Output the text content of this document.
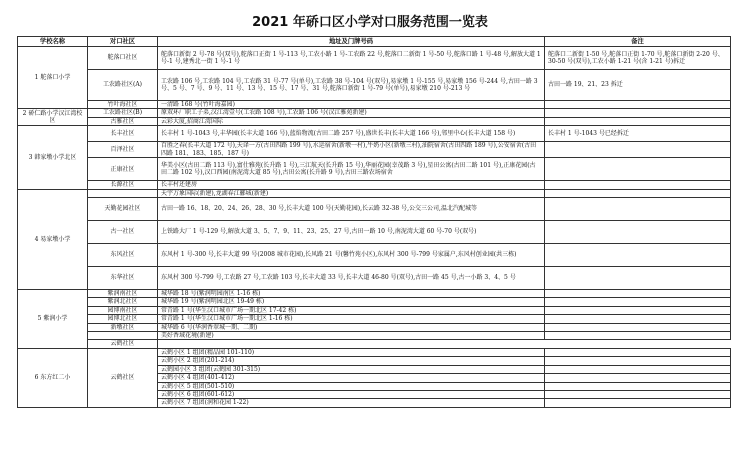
2021 年硚口区小学对口服务范围一览表
学校名称	对口社区	地址及门牌号码	备注
1 舵落口小学	舵落口社区	舵落口新街 2 号-78 号(双号),舵落口正街 1 号-113 号,工农小路 1 号-工农路 22 号,舵落口二新街 1 号-50 号,舵落口路 1 号-48 号,解放大道 1 号-1 号,建秀北一街 1 号-1 号	舵落口二新街 1-50 号,舵落口正街 1-70 号,舵落口新街 2-20 号、30-50 号(双号),工农小路 1-21 号(含 1-21 号)拆迁
	工农路社区(A)	工农路 106 号,工农路 104 号,工农路 31 号-77 号(单号),工农路 38 号-104 号(双号),易家墩 1 号-155 号,易家墩 156 号-244 号,古田一路 3 号、5 号、7 号、9 号、11 号、13 号、15 号、17 号、31 号,舵落口新街 1 号-79 号(单号),易家墩 210 号-213 号	古田一路 19、21、23 拆迁
	竹叶海社区	一清路 168 号(竹叶海嘉园)	
2 硚仁路小学汉江湾校区	工农路社区(B)	原双环厂职工子弟,汉江湾壹号(工农路 108 号),工农路 106 号(汉江雅苑新建)	
	古雅社区	云彩大厦,招商江湾国际	
3 韩家墩小学北区	长丰社区	长丰村 1 号-1043 号,丰华园(长丰大道 166 号),蓝焰物流(古田二路 257 号),盛世长丰(长丰大道 166 号),邻里中心(长丰大道 158 号)	长丰村 1 号-1043 号已经拆迁
	百泽社区	百胜之春(长丰大道 172 号),天译一方(古田四路 199 号),水运宿舍(新墩一村),牛奶小区(新墩三村),油院宿舍(古田四路 189 号),公安宿舍(古田四路 181、183、185、187 号)	
	正康社区	华美小区(古田二路 113 号),富仕雅苑(长升路 1 号),三江航天(长升路 15 号),华丽花园(幸茂路 3 号),星田公寓(古田二路 101 号),正康花园(古田二路 102 号),汉口西园(南泥湾大道 85 号),古田公寓(长升路 9 号),古田三路农场宿舍	
	长源社区	长丰村还建房	
4 易家墩小学		天宇万象国际(新建),龙湖春江郦城(新建)	
	天勤花园社区	古田一路 16、18、20、24、26、28、30 号,长丰大道 100 号(天勤花园),长云路 32-38 号,公交三公司,温北汽配城等	
	古一社区	上铁路大厂 1 号-129 号,解放大道 3、5、7、9、11、23、25、27 号,古田一路 10 号,南泥湾大道 60 号-70 号(双号)	
	东风社区	东风村 1 号-300 号,长丰大道 99 号(2008 城市花园),长风路 21 号(馨竹苑小区),东风村 300 号-799 号家属户,东风村创业园(共三栋)	
	东华社区	东风村 300 号-799 号,工农路 27 号,工农路 103 号,长丰大道 33 号,长丰大道 46-80 号(双号),古田一路 45 号,古一小路 3、4、5 号	
5 紫润小学	紫润南社区	城华路 18 号(紫润明园南区 1-16 栋)	
	紫润北社区	城华路 19 号(紫润明园北区 19-49 栋)	
	园博南社区	常青路 1 号(华生汉口城市广场一期北区 17-42 栋)	
	园博北社区	常青路 1 号(华生汉口城市广场一期北区 1-16 栋)	
	新墩社区	城华路 6 号(华润香翠城一期、二期)	
		美好香域花境(新建)	
	云鹤社区	
6 东方红二小	云鹤社区	云鹤小区 1 组团(精品园 101-110)	
		云鹤小区 2 组团(201-214)	
		云鹤园小区 3 组团(云鹤园 301-315)	
		云鹤小区 4 组团(401-412)	
		云鹤小区 5 组团(501-510)	
		云鹤小区 6 组团(601-612)	
		云鹤小区 7 组团(润和花园 1-22)	
